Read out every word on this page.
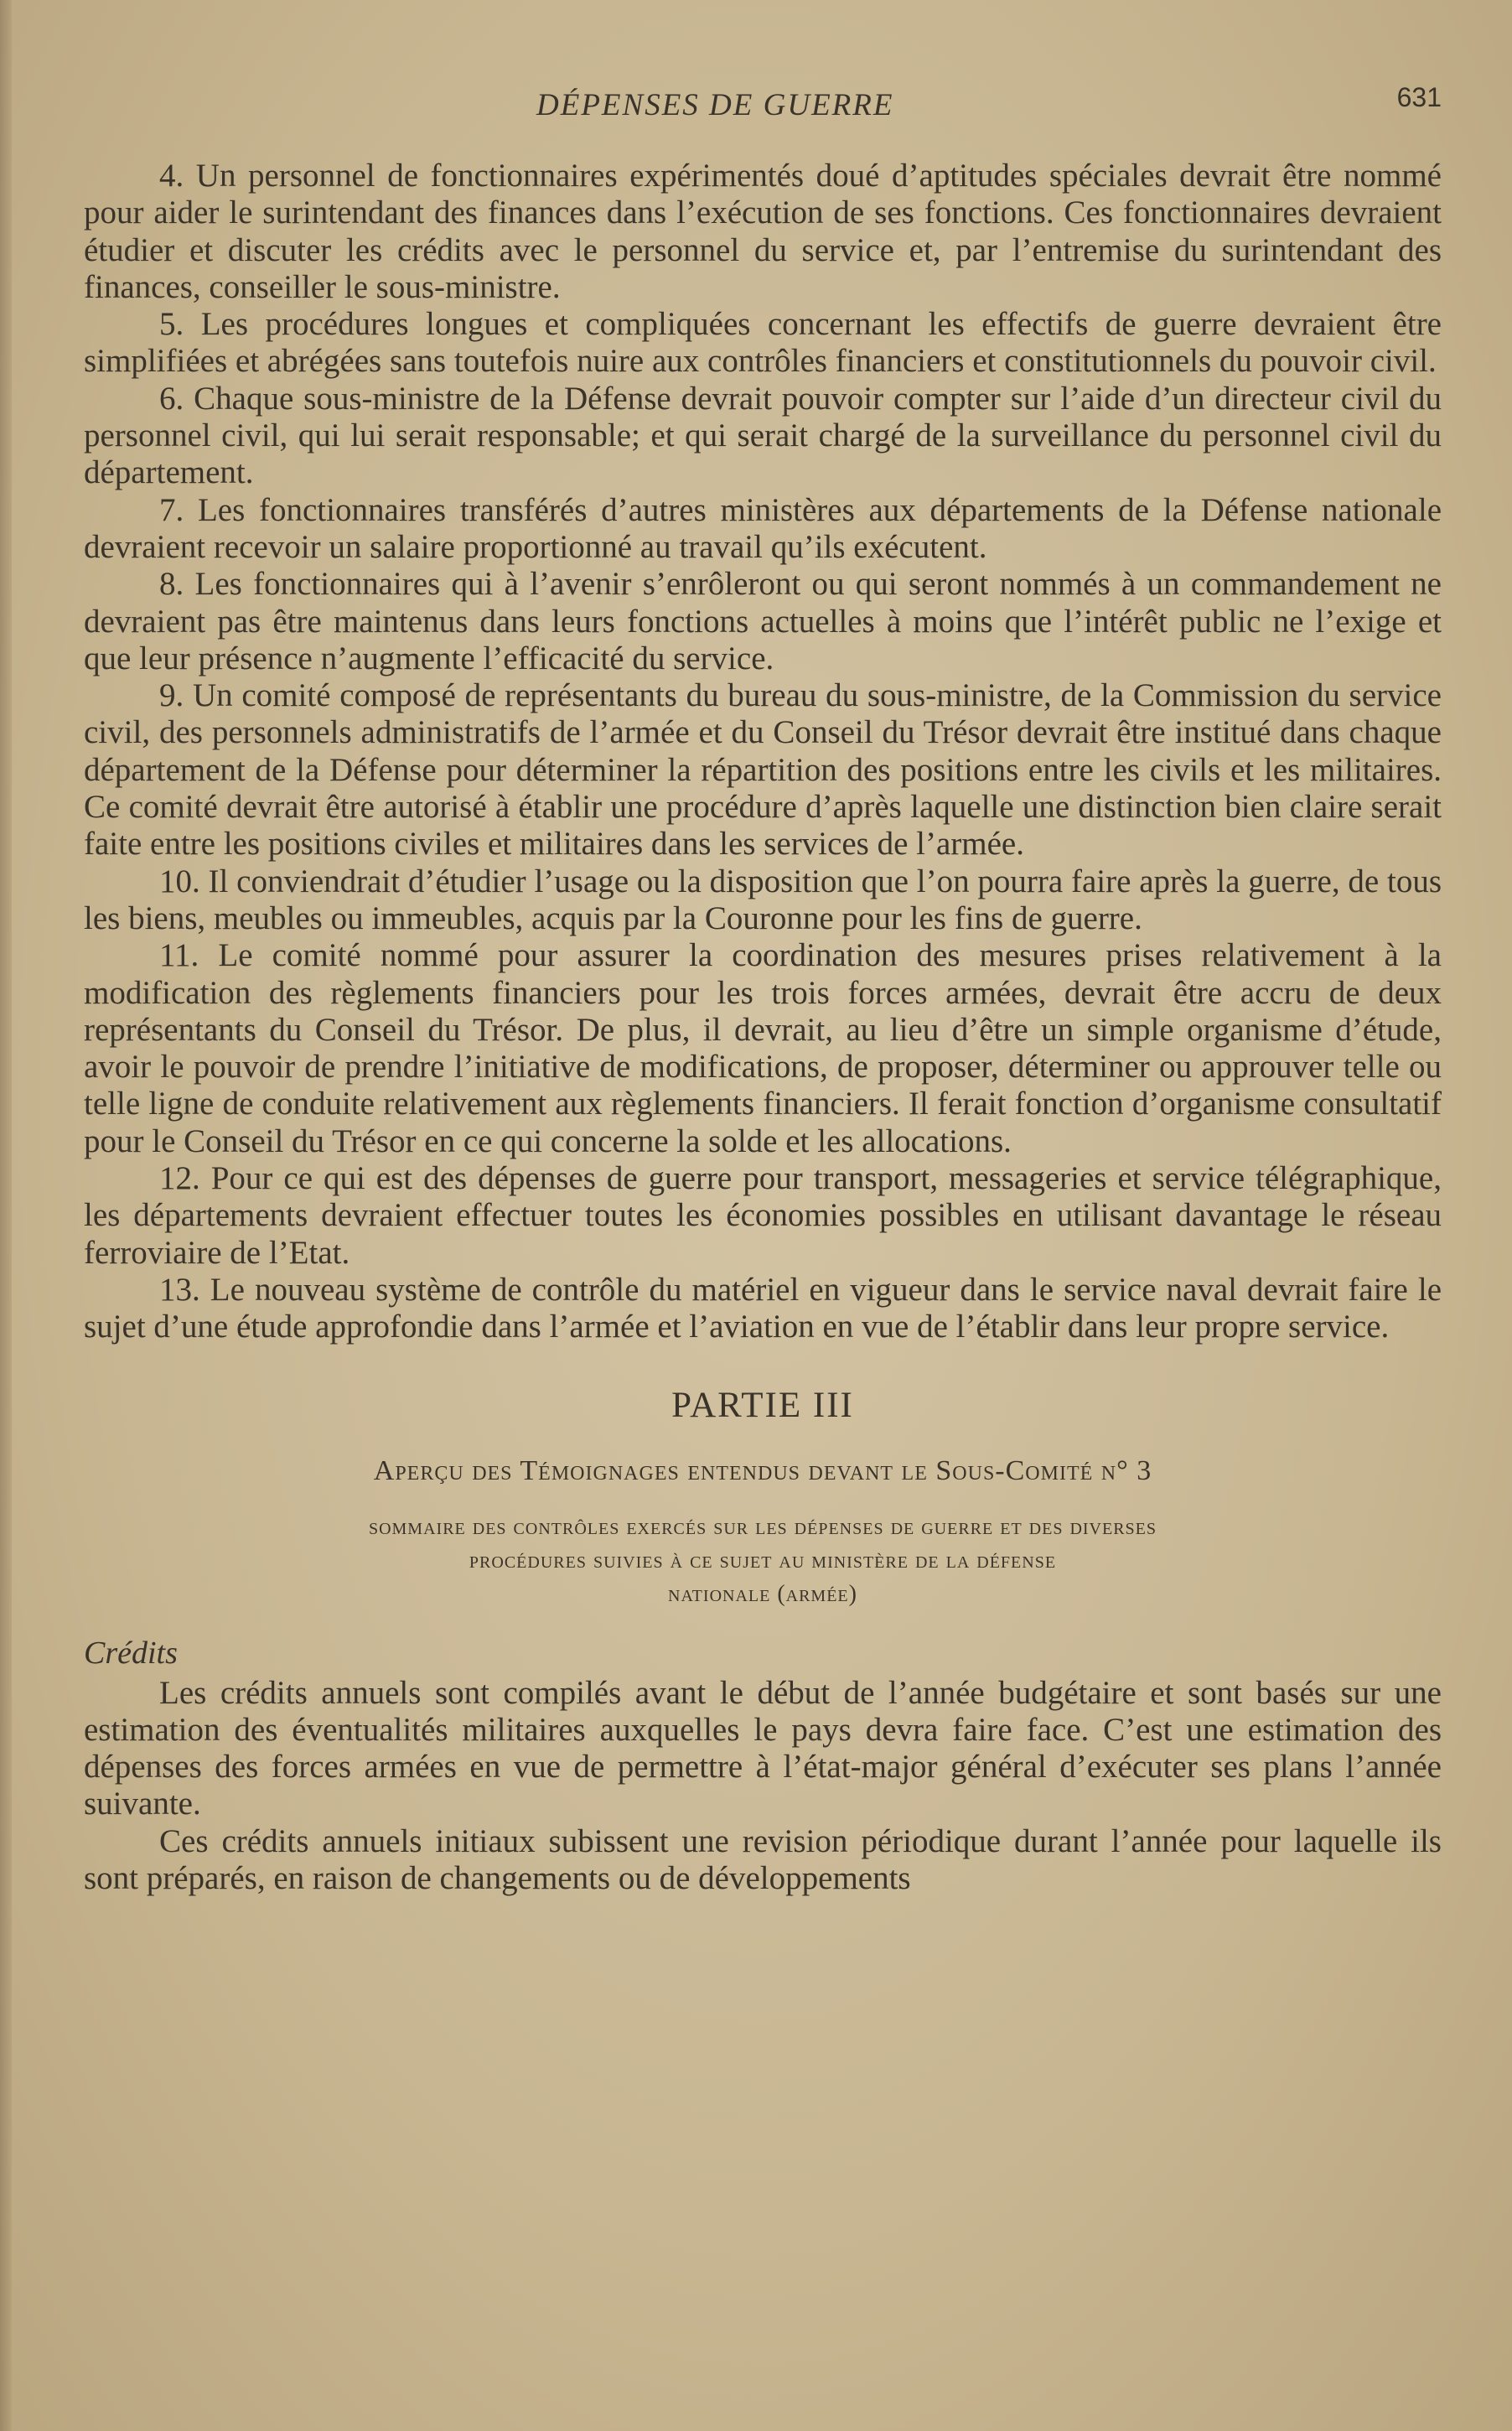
DÉPENSES DE GUERRE	631

4. Un personnel de fonctionnaires expérimentés doué d’aptitudes spéciales devrait être nommé pour aider le surintendant des finances dans l’exécution de ses fonctions. Ces fonctionnaires devraient étudier et discuter les crédits avec le personnel du service et, par l’entremise du surintendant des finances, conseiller le sous-ministre.

5. Les procédures longues et compliquées concernant les effectifs de guerre devraient être simplifiées et abrégées sans toutefois nuire aux contrôles financiers et constitutionnels du pouvoir civil.

6. Chaque sous-ministre de la Défense devrait pouvoir compter sur l’aide d’un directeur civil du personnel civil, qui lui serait responsable; et qui serait chargé de la surveillance du personnel civil du département.

7. Les fonctionnaires transférés d’autres ministères aux départements de la Défense nationale devraient recevoir un salaire proportionné au travail qu’ils exécutent.

8. Les fonctionnaires qui à l’avenir s’enrôleront ou qui seront nommés à un commandement ne devraient pas être maintenus dans leurs fonctions actuelles à moins que l’intérêt public ne l’exige et que leur présence n’augmente l’efficacité du service.

9. Un comité composé de représentants du bureau du sous-ministre, de la Commission du service civil, des personnels administratifs de l’armée et du Conseil du Trésor devrait être institué dans chaque département de la Défense pour déterminer la répartition des positions entre les civils et les militaires. Ce comité devrait être autorisé à établir une procédure d’après laquelle une distinction bien claire serait faite entre les positions civiles et militaires dans les services de l’armée.

10. Il conviendrait d’étudier l’usage ou la disposition que l’on pourra faire après la guerre, de tous les biens, meubles ou immeubles, acquis par la Couronne pour les fins de guerre.

11. Le comité nommé pour assurer la coordination des mesures prises relativement à la modification des règlements financiers pour les trois forces armées, devrait être accru de deux représentants du Conseil du Trésor. De plus, il devrait, au lieu d’être un simple organisme d’étude, avoir le pouvoir de prendre l’initiative de modifications, de proposer, déterminer ou approuver telle ou telle ligne de conduite relativement aux règlements financiers. Il ferait fonction d’organisme consultatif pour le Conseil du Trésor en ce qui concerne la solde et les allocations.

12. Pour ce qui est des dépenses de guerre pour transport, messageries et service télégraphique, les départements devraient effectuer toutes les économies possibles en utilisant davantage le réseau ferroviaire de l’Etat.

13. Le nouveau système de contrôle du matériel en vigueur dans le service naval devrait faire le sujet d’une étude approfondie dans l’armée et l’aviation en vue de l’établir dans leur propre service.

PARTIE III
Aperçu des Témoignages entendus devant le Sous-Comité n° 3
sommaire des contrôles exercés sur les dépenses de guerre et des diverses
procédures suivies à ce sujet au ministère de la défense
nationale (armée)
Crédits

Les crédits annuels sont compilés avant le début de l’année budgétaire et sont basés sur une estimation des éventualités militaires auxquelles le pays devra faire face. C’est une estimation des dépenses des forces armées en vue de permettre à l’état-major général d’exécuter ses plans l’année suivante.

Ces crédits annuels initiaux subissent une revision périodique durant l’année pour laquelle ils sont préparés, en raison de changements ou de développements
